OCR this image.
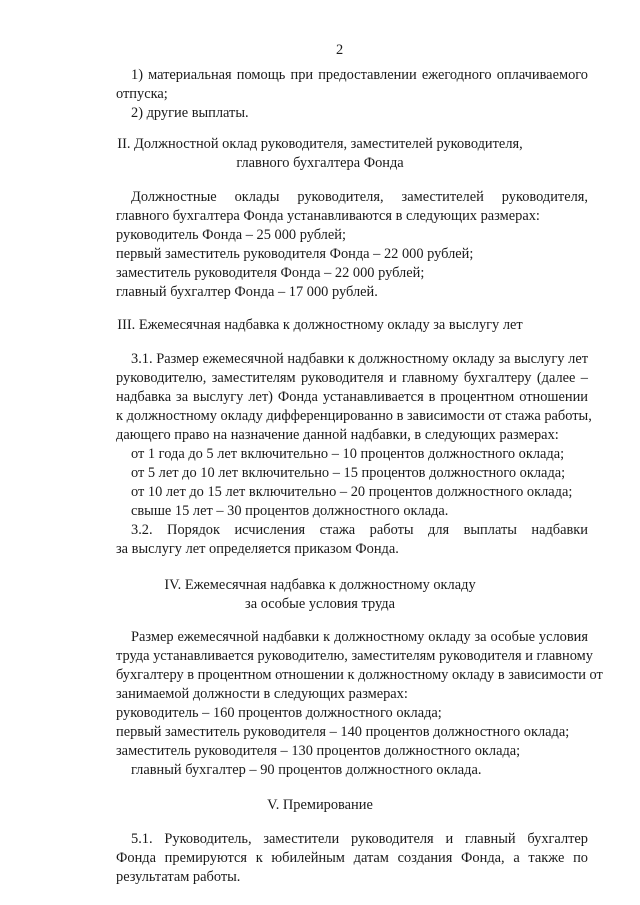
2
1) материальная помощь при предоставлении ежегодного оплачиваемого
отпуска;
2) другие выплаты.
II. Должностной оклад руководителя, заместителей руководителя,
главного бухгалтера Фонда
Должностные оклады руководителя, заместителей руководителя,
главного бухгалтера Фонда устанавливаются в следующих размерах:
руководитель Фонда – 25 000 рублей;
первый заместитель руководителя Фонда – 22 000 рублей;
заместитель руководителя Фонда – 22 000 рублей;
главный бухгалтер Фонда – 17 000 рублей.
III. Ежемесячная надбавка к должностному окладу за выслугу лет
3.1. Размер ежемесячной надбавки к должностному окладу за выслугу лет
руководителю, заместителям руководителя и главному бухгалтеру (далее –
надбавка за выслугу лет) Фонда устанавливается в процентном отношении
к должностному окладу дифференцированно в зависимости от стажа работы,
дающего право на назначение данной надбавки, в следующих размерах:
от 1 года до 5 лет включительно – 10 процентов должностного оклада;
от 5 лет до 10 лет включительно – 15 процентов должностного оклада;
от 10 лет до 15 лет включительно – 20 процентов должностного оклада;
свыше 15 лет – 30 процентов должностного оклада.
3.2. Порядок исчисления стажа работы для выплаты надбавки
за выслугу лет определяется приказом Фонда.
IV. Ежемесячная надбавка к должностному окладу
за особые условия труда
Размер ежемесячной надбавки к должностному окладу за особые условия
труда устанавливается руководителю, заместителям руководителя и главному
бухгалтеру в процентном отношении к должностному окладу в зависимости от
занимаемой должности в следующих размерах:
руководитель – 160 процентов должностного оклада;
первый заместитель руководителя – 140 процентов должностного оклада;
заместитель руководителя – 130 процентов должностного оклада;
главный бухгалтер – 90 процентов должностного оклада.
V. Премирование
5.1. Руководитель, заместители руководителя и главный бухгалтер
Фонда премируются к юбилейным датам создания Фонда, а также по
результатам работы.
